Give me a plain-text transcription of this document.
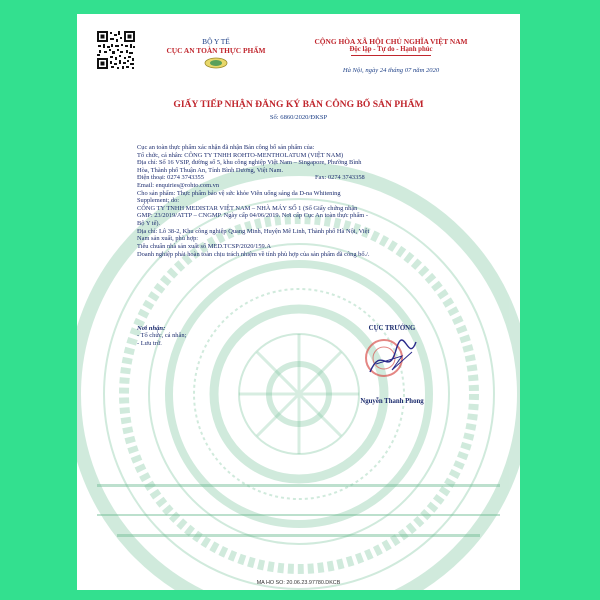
BỘ Y TẾ
CỤC AN TOÀN THỰC PHẨM
CỘNG HÒA XÃ HỘI CHỦ NGHĨA VIỆT NAM
Độc lập - Tự do - Hạnh phúc
Hà Nội, ngày 24 tháng 07 năm 2020
GIẤY TIẾP NHẬN ĐĂNG KÝ BẢN CÔNG BỐ SẢN PHẨM
Số: 6860/2020/ĐKSP
Cục an toàn thực phẩm xác nhận đã nhận Bản công bố sản phẩm của:
Tổ chức, cá nhân: CÔNG TY TNHH ROHTO-MENTHOLATUM (VIỆT NAM)
Địa chỉ: Số 16 VSIP, đường số 5, khu công nghiệp Việt Nam – Singapore, Phường Bình
Hòa, Thành phố Thuận An, Tỉnh Bình Dương, Việt Nam.
Điện thoại: 0274 3743355	Fax: 0274 3743358
Email: enquiries@rohto.com.vn
Cho sản phẩm: Thực phẩm bảo vệ sức khỏe Viên uống sáng da D-na Whitening
Supplement; do:
CÔNG TY TNHH MEDISTAR VIỆT NAM – NHÀ MÁY SỐ 1 (Số Giấy chứng nhận
GMP: 23/2019/ATTP – CNGMP. Ngày cấp 04/06/2019. Nơi cấp Cục An toàn thực phẩm -
Bộ Y tế).
Địa chỉ: Lô 38-2, Khu công nghiệp Quang Minh, Huyện Mê Linh, Thành phố Hà Nội, Việt
Nam sản xuất, phù hợp:
Tiêu chuẩn nhà sản xuất số MED.TCSP/2020/159.A
Doanh nghiệp phải hoàn toàn chịu trách nhiệm về tính phù hợp của sản phẩm đã công bố./.
Nơi nhận:
- Tổ chức, cá nhân;
- Lưu trữ.
CỤC TRƯỞNG
Nguyễn Thanh Phong
MA HO SO: 20.06.23.97780.DKCB
